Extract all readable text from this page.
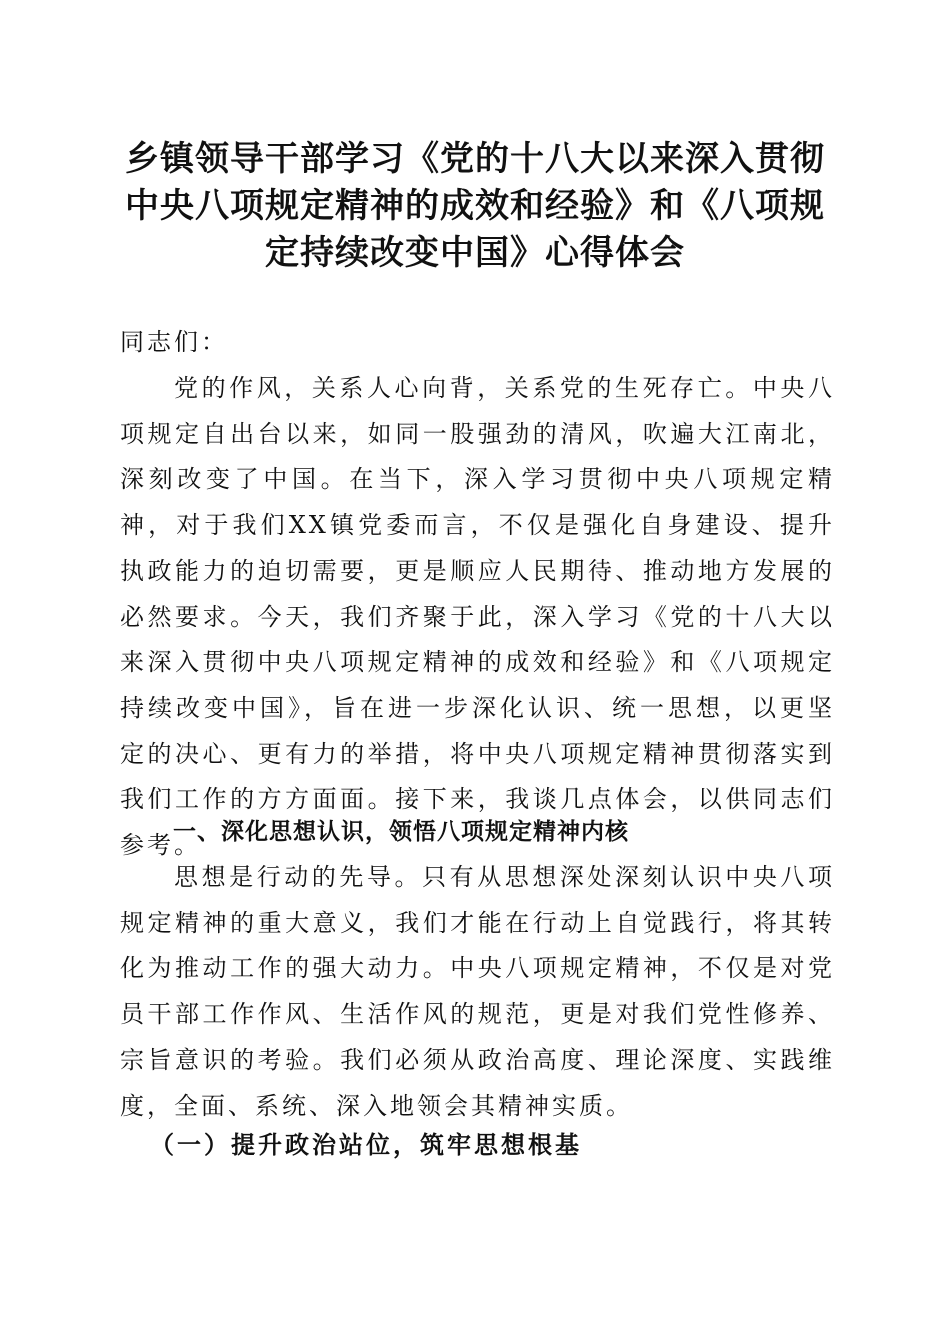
乡镇领导干部学习《党的十八大以来深入贯彻
中央八项规定精神的成效和经验》和《八项规
定持续改变中国》心得体会

同志们：

党的作风，关系人心向背，关系党的生死存亡。中央八项规定自出台以来，如同一股强劲的清风，吹遍大江南北，深刻改变了中国。在当下，深入学习贯彻中央八项规定精神，对于我们XX镇党委而言，不仅是强化自身建设、提升执政能力的迫切需要，更是顺应人民期待、推动地方发展的必然要求。今天，我们齐聚于此，深入学习《党的十八大以来深入贯彻中央八项规定精神的成效和经验》和《八项规定持续改变中国》，旨在进一步深化认识、统一思想，以更坚定的决心、更有力的举措，将中央八项规定精神贯彻落实到我们工作的方方面面。接下来，我谈几点体会，以供同志们参考。

一、深化思想认识，领悟八项规定精神内核

思想是行动的先导。只有从思想深处深刻认识中央八项规定精神的重大意义，我们才能在行动上自觉践行，将其转化为推动工作的强大动力。中央八项规定精神，不仅是对党员干部工作作风、生活作风的规范，更是对我们党性修养、宗旨意识的考验。我们必须从政治高度、理论深度、实践维度，全面、系统、深入地领会其精神实质。

（一）提升政治站位，筑牢思想根基
